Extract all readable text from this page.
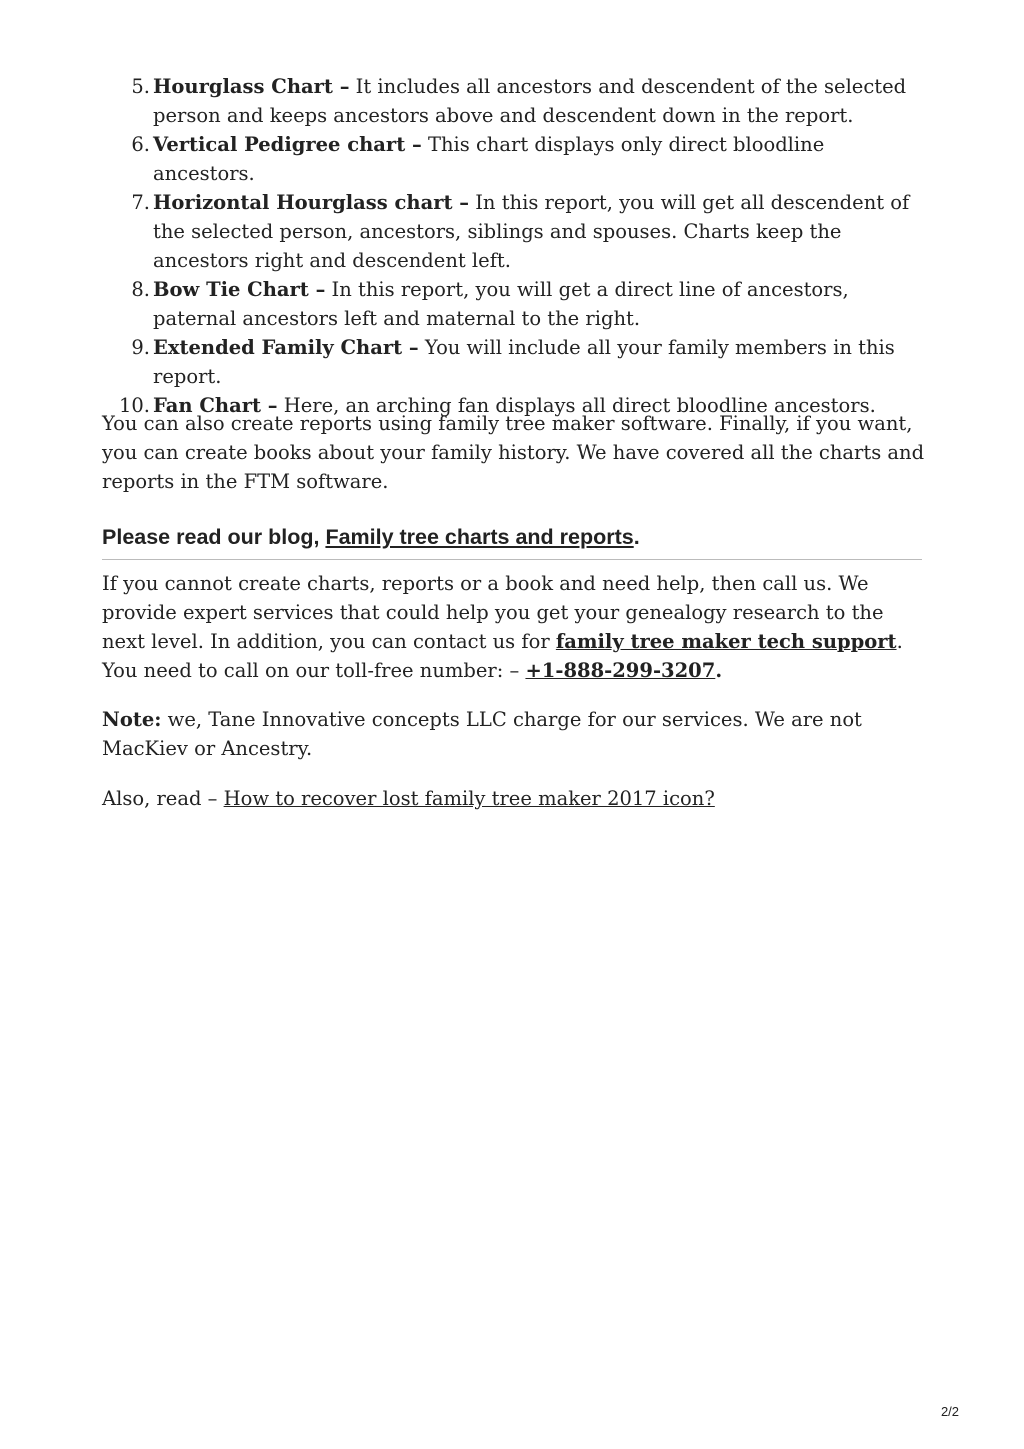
5. Hourglass Chart – It includes all ancestors and descendent of the selected person and keeps ancestors above and descendent down in the report.
6. Vertical Pedigree chart – This chart displays only direct bloodline ancestors.
7. Horizontal Hourglass chart – In this report, you will get all descendent of the selected person, ancestors, siblings and spouses. Charts keep the ancestors right and descendent left.
8. Bow Tie Chart – In this report, you will get a direct line of ancestors, paternal ancestors left and maternal to the right.
9. Extended Family Chart – You will include all your family members in this report.
10. Fan Chart – Here, an arching fan displays all direct bloodline ancestors.

You can also create reports using family tree maker software. Finally, if you want, you can create books about your family history. We have covered all the charts and reports in the FTM software.

Please read our blog, Family tree charts and reports.

If you cannot create charts, reports or a book and need help, then call us. We provide expert services that could help you get your genealogy research to the next level. In addition, you can contact us for family tree maker tech support. You need to call on our toll-free number: – +1-888-299-3207.

Note: we, Tane Innovative concepts LLC charge for our services. We are not MacKiev or Ancestry.

Also, read – How to recover lost family tree maker 2017 icon?

2/2
